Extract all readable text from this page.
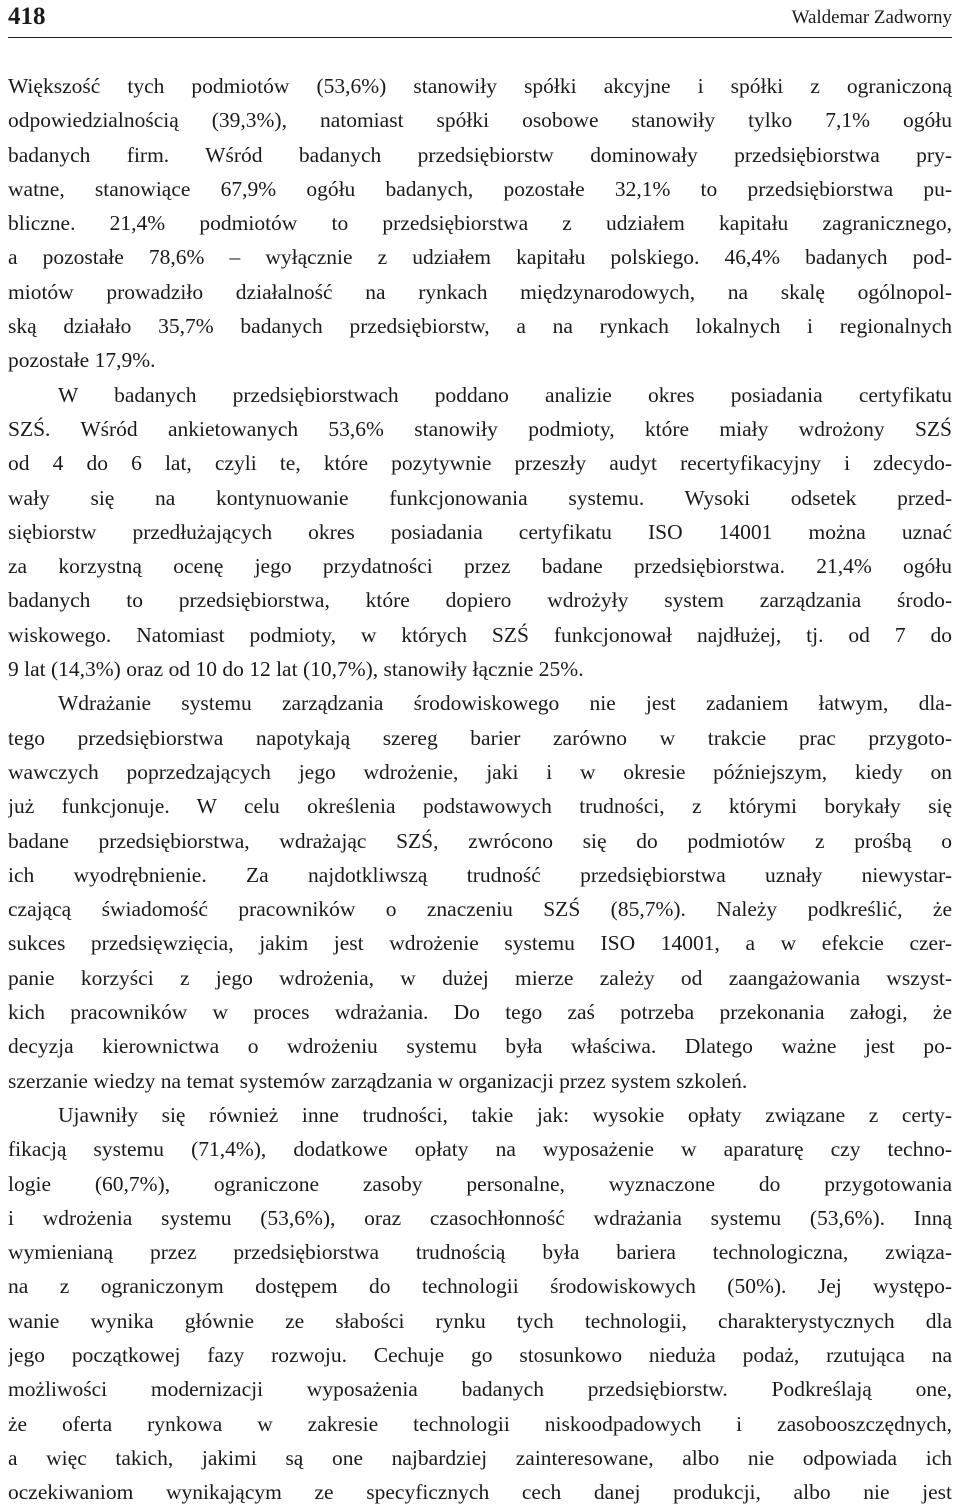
418	Waldemar Zadworny
Większość tych podmiotów (53,6%) stanowiły spółki akcyjne i spółki z ograniczoną
odpowiedzialnością (39,3%), natomiast spółki osobowe stanowiły tylko 7,1% ogółu
badanych firm. Wśród badanych przedsiębiorstw dominowały przedsiębiorstwa pry-
watne, stanowiące 67,9% ogółu badanych, pozostałe 32,1% to przedsiębiorstwa pu-
bliczne. 21,4% podmiotów to przedsiębiorstwa z udziałem kapitału zagranicznego,
a pozostałe 78,6% – wyłącznie z udziałem kapitału polskiego. 46,4% badanych pod-
miotów prowadziło działalność na rynkach międzynarodowych, na skalę ogólnopol-
ską działało 35,7% badanych przedsiębiorstw, a na rynkach lokalnych i regionalnych
pozostałe 17,9%.
W badanych przedsiębiorstwach poddano analizie okres posiadania certyfikatu
SZŚ. Wśród ankietowanych 53,6% stanowiły podmioty, które miały wdrożony SZŚ
od 4 do 6 lat, czyli te, które pozytywnie przeszły audyt recertyfikacyjny i zdecydo-
wały się na kontynuowanie funkcjonowania systemu. Wysoki odsetek przed-
siębiorstw przedłużających okres posiadania certyfikatu ISO 14001 można uznać
za korzystną ocenę jego przydatności przez badane przedsiębiorstwa. 21,4% ogółu
badanych to przedsiębiorstwa, które dopiero wdrożyły system zarządzania środo-
wiskowego. Natomiast podmioty, w których SZŚ funkcjonował najdłużej, tj. od 7 do
9 lat (14,3%) oraz od 10 do 12 lat (10,7%), stanowiły łącznie 25%.
Wdrażanie systemu zarządzania środowiskowego nie jest zadaniem łatwym, dla-
tego przedsiębiorstwa napotykają szereg barier zarówno w trakcie prac przygoto-
wawczych poprzedzających jego wdrożenie, jaki i w okresie późniejszym, kiedy on
już funkcjonuje. W celu określenia podstawowych trudności, z którymi borykały się
badane przedsiębiorstwa, wdrażając SZŚ, zwrócono się do podmiotów z prośbą o
ich wyodrębnienie. Za najdotkliwszą trudność przedsiębiorstwa uznały niewystar-
czającą świadomość pracowników o znaczeniu SZŚ (85,7%). Należy podkreślić, że
sukces przedsięwzięcia, jakim jest wdrożenie systemu ISO 14001, a w efekcie czer-
panie korzyści z jego wdrożenia, w dużej mierze zależy od zaangażowania wszyst-
kich pracowników w proces wdrażania. Do tego zaś potrzeba przekonania załogi, że
decyzja kierownictwa o wdrożeniu systemu była właściwa. Dlatego ważne jest po-
szerzanie wiedzy na temat systemów zarządzania w organizacji przez system szkoleń.
Ujawniły się również inne trudności, takie jak: wysokie opłaty związane z certy-
fikacją systemu (71,4%), dodatkowe opłaty na wyposażenie w aparaturę czy techno-
logie (60,7%), ograniczone zasoby personalne, wyznaczone do przygotowania
i wdrożenia systemu (53,6%), oraz czasochłonność wdrażania systemu (53,6%). Inną
wymienianą przez przedsiębiorstwa trudnością była bariera technologiczna, związa-
na z ograniczonym dostępem do technologii środowiskowych (50%). Jej występo-
wanie wynika głównie ze słabości rynku tych technologii, charakterystycznych dla
jego początkowej fazy rozwoju. Cechuje go stosunkowo nieduża podaż, rzutująca na
możliwości modernizacji wyposażenia badanych przedsiębiorstw. Podkreślają one,
że oferta rynkowa w zakresie technologii niskoodpadowych i zasobooszczędnych,
a więc takich, jakimi są one najbardziej zainteresowane, albo nie odpowiada ich
oczekiwaniom wynikającym ze specyficznych cech danej produkcji, albo nie jest
